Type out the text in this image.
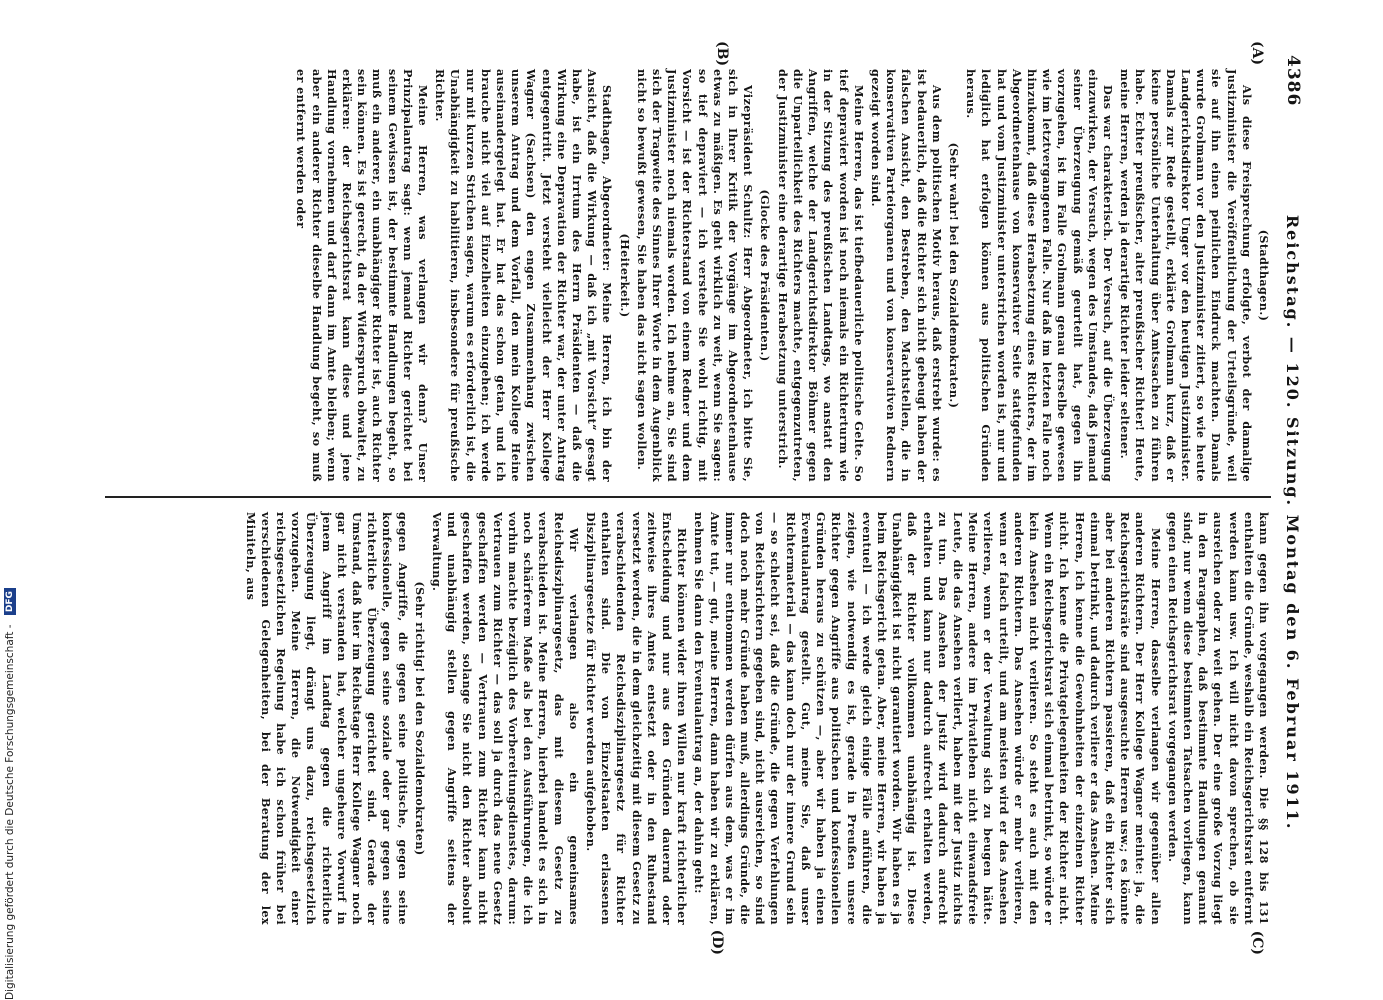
Digitalisierung gefördert durch die Deutsche Forschungsgemeinschaft - DFG
4386
Reichstag. — 120. Sitzung. Montag den 6. Februar 1911.
(A)
(B)
(C)
(D)

(Stadthagen.)

Als diese Freisprechung erfolgte, verbot der damalige Justizminister die Veröffentlichung der Urteilsgründe, weil sie auf ihn einen peinlichen Eindruck machten. Damals wurde Grolmann vor den Justizminister zitiert, so wie heute Landgerichtsdirektor Unger vor den heutigen Justizminister. Damals zur Rede gestellt, erklärte Grolmann kurz, daß er keine persönliche Unterhaltung über Amtssachen zu führen habe. Echter preußischer, alter preußischer Richter! Heute, meine Herren, werden ja derartige Richter leider seltener.

Das war charakterisch. Der Versuch, auf die Überzeugung einzuwirken, der Versuch, wegen des Umstandes, daß jemand seiner Überzeugung gemäß geurteilt hat, gegen ihn vorzugehen, ist im Falle Grolmann genau derselbe gewesen wie im letztvergangenen Falle. Nur daß im letzten Falle noch hinzukommt, daß diese Herabsetzung eines Richters, der im Abgeordnetenhause von konservativer Seite stattgefunden hat und vom Justizminister unterstrichen worden ist, nur und lediglich hat erfolgen können aus politischen Gründen heraus.

(Sehr wahr! bei den Sozialdemokraten.)

Aus dem politischen Motiv heraus, daß erstrebt wurde: es ist bedauerlich, daß die Richter sich nicht gebeugt haben der falschen Ansicht, den Bestreben, den Machtstellen, die in konservativen Parteiorganen und von konservativen Rednern gezeigt worden sind.

Meine Herren, das ist tiefbedauerliche politische Gelte. So tief depraviert worden ist noch niemals ein Richterturm wie in der Sitzung des preußischen Landtags, wo anstatt den Angriffen, welche der Landgerichtsdirektor Böhmer gegen die Unparteilichkeit des Richters machte, entgegenzutreten, der Justizminister eine derartige Herabsetzung unterstrich.

(Glocke des Präsidenten.)

Vizepräsident Schultz: Herr Abgeordneter, ich bitte Sie, sich in Ihrer Kritik der Vorgänge im Abgeordnetenhause etwas zu mäßigen. Es geht wirklich zu weit, wenn Sie sagen: so tief depraviert — ich verstehe Sie wohl richtig, mit Vorsicht — ist der Richterstand von einem Redner und dem Justizminister noch niemals worden. Ich nehme an, Sie sind sich der Tragweite des Sinnes Ihrer Worte in dem Augenblick nicht so bewußt gewesen, Sie haben das nicht sagen wollen.

(Heiterkeit.)

Stadthagen, Abgeordneter: Meine Herren, ich bin der Ansicht, daß die Wirkung — daß ich „mit Vorsicht“ gesagt habe, ist ein Irrtum des Herrn Präsidenten — daß die Wirkung eine Depravation der Richter war, der unter Antrag entgegentritt. Jetzt versteht vielleicht der Herr Kollege Wagner (Sachsen) den engen Zusammenhang zwischen unserem Antrag und dem Vorfall, den mein Kollege Heine auseinandergelegt hat. Er hat das schon getan, und ich brauche nicht viel auf Einzelheiten einzugehen; ich werde nur mit kurzen Strichen sagen, warum es erforderlich ist, die Unabhängigkeit zu habilitieren, insbesondere für preußische Richter.

Meine Herren, was verlangen wir denn? Unser Prinzipalantrag sagt: wenn jemand Richter gerichtet bei seinem Gewissen ist, der bestimmte Handlungen begeht, so muß ein anderer, ein unabhängiger Richter ist, auch Richter sein können. Es ist gerecht, da der Widerspruch obwaltet, zu erklären: der Reichsgerichtsrat kann diese und jene Handlung vornehmen und darf dann im Amte bleiben; wenn aber ein anderer Richter dieselbe Handlung begeht, so muß er entfernt werden oder

kann gegen ihn vorgegangen werden. Die §§ 128 bis 131 enthalten die Gründe, weshalb ein Reichsgerichtsrat entfernt werden kann usw. Ich will nicht davon sprechen, ob sie ausreichen oder zu weit gehen. Der eine große Vorzug liegt in den Paragraphen, daß bestimmte Handlungen genannt sind; nur wenn diese bestimmten Tatsachen vorliegen, kann gegen einen Reichsgerichtsrat vorgegangen werden.

Meine Herren, dasselbe verlangen wir gegenüber allen anderen Richtern. Der Herr Kollege Wagner meinte: ja, die Reichsgerichtsräte sind ausgesuchte Herren usw.; es könnte aber bei anderen Richtern passieren, daß ein Richter sich einmal betrinkt, und dadurch verliere er das Ansehen. Meine Herren, ich kenne die Gewohnheiten der einzelnen Richter nicht. Ich kenne die Privatgelegenheiten der Richter nicht. Wenn ein Reichsgerichtsrat sich einmal betrinkt, so würde er kein Ansehen nicht verlieren. So steht es auch mit den anderen Richtern. Das Ansehen würde er mehr verlieren, wenn er falsch urteilt, und am meisten wird er das Ansehen verlieren, wenn er der Verwaltung sich zu beugen hätte. Meine Herren, andere im Privatleben nicht einwandsfreie Leute, die das Ansehen verliert, haben mit der Justiz nichts zu tun. Das Ansehen der Justiz wird dadurch aufrecht erhalten und kann nur dadurch aufrecht erhalten werden, daß der Richter vollkommen unabhängig ist. Diese Unabhängigkeit ist nicht garantiert worden. Wir haben es ja beim Reichsgericht getan. Aber, meine Herren, wir haben ja eventuell — ich werde gleich einige Fälle anführen, die zeigen, wie notwendig es ist, gerade in Preußen unsere Richter gegen Angriffe aus politischen und konfessionellen Gründen heraus zu schützen —, aber wir haben ja einen Eventualantrag gestellt. Gut, meine Sie, daß unser Richtermaterial — das kann doch nur der innere Grund sein — so schlecht sei, daß die Gründe, die gegen Verfehlungen von Reichsrichtern gegeben sind, nicht ausreichen, so sind doch noch mehr Gründe haben muß, allerdings Gründe, die immer nur entnommen werden dürfen aus dem, was er im Amte tut, — gut, meine Herren, dann haben wir zu erklären, nehmen Sie dann den Eventualantrag an, der dahin geht:

Richter können wider ihren Willen nur kraft richterlicher Entscheidung und nur aus den Gründen dauernd oder zeitweise ihres Amtes entsetzt oder in den Ruhestand versetzt werden, die in dem gleichzeitig mit diesem Gesetz zu verabschiedenden Reichsdisziplinargesetz für Richter enthalten sind. Die von Einzelstaaten erlassenen Disziplinargesetze für Richter werden aufgehoben.

Wir verlangen also ein gemeinsames Reichsdisziplinargesetz, das mit diesem Gesetz zu verabschieden ist. Meine Herren, hierbei handelt es sich in noch schärferem Maße als bei den Ausführungen, die ich vorhin machte bezüglich des Vorbereitungsdienstes, darum: Vertrauen zum Richter — das soll ja durch das neue Gesetz geschaffen werden — Vertrauen zum Richter kann nicht geschaffen werden, solange Sie nicht den Richter absolut und unabhängig stellen gegen Angriffe seitens der Verwaltung.

(Sehr richtig! bei den Sozialdemokraten)

gegen Angriffe, die gegen seine politische, gegen seine konfessionelle, gegen seine soziale oder gar gegen seine richterliche Überzeugung gerichtet sind. Gerade der Umstand, daß hier im Reichstage Herr Kollege Wagner noch gar nicht verstanden hat, welcher ungeheure Vorwurf in jenem Angriff im Landtag gegen die richterliche Überzeugung liegt, drängt uns dazu, reichsgesetzlich vorzugehen. Meine Herren, die Notwendigkeit einer reichsgesetzlichen Regelung habe ich schon früher bei verschiedenen Gelegenheiten, bei der Beratung der lex Miniteln, aus
